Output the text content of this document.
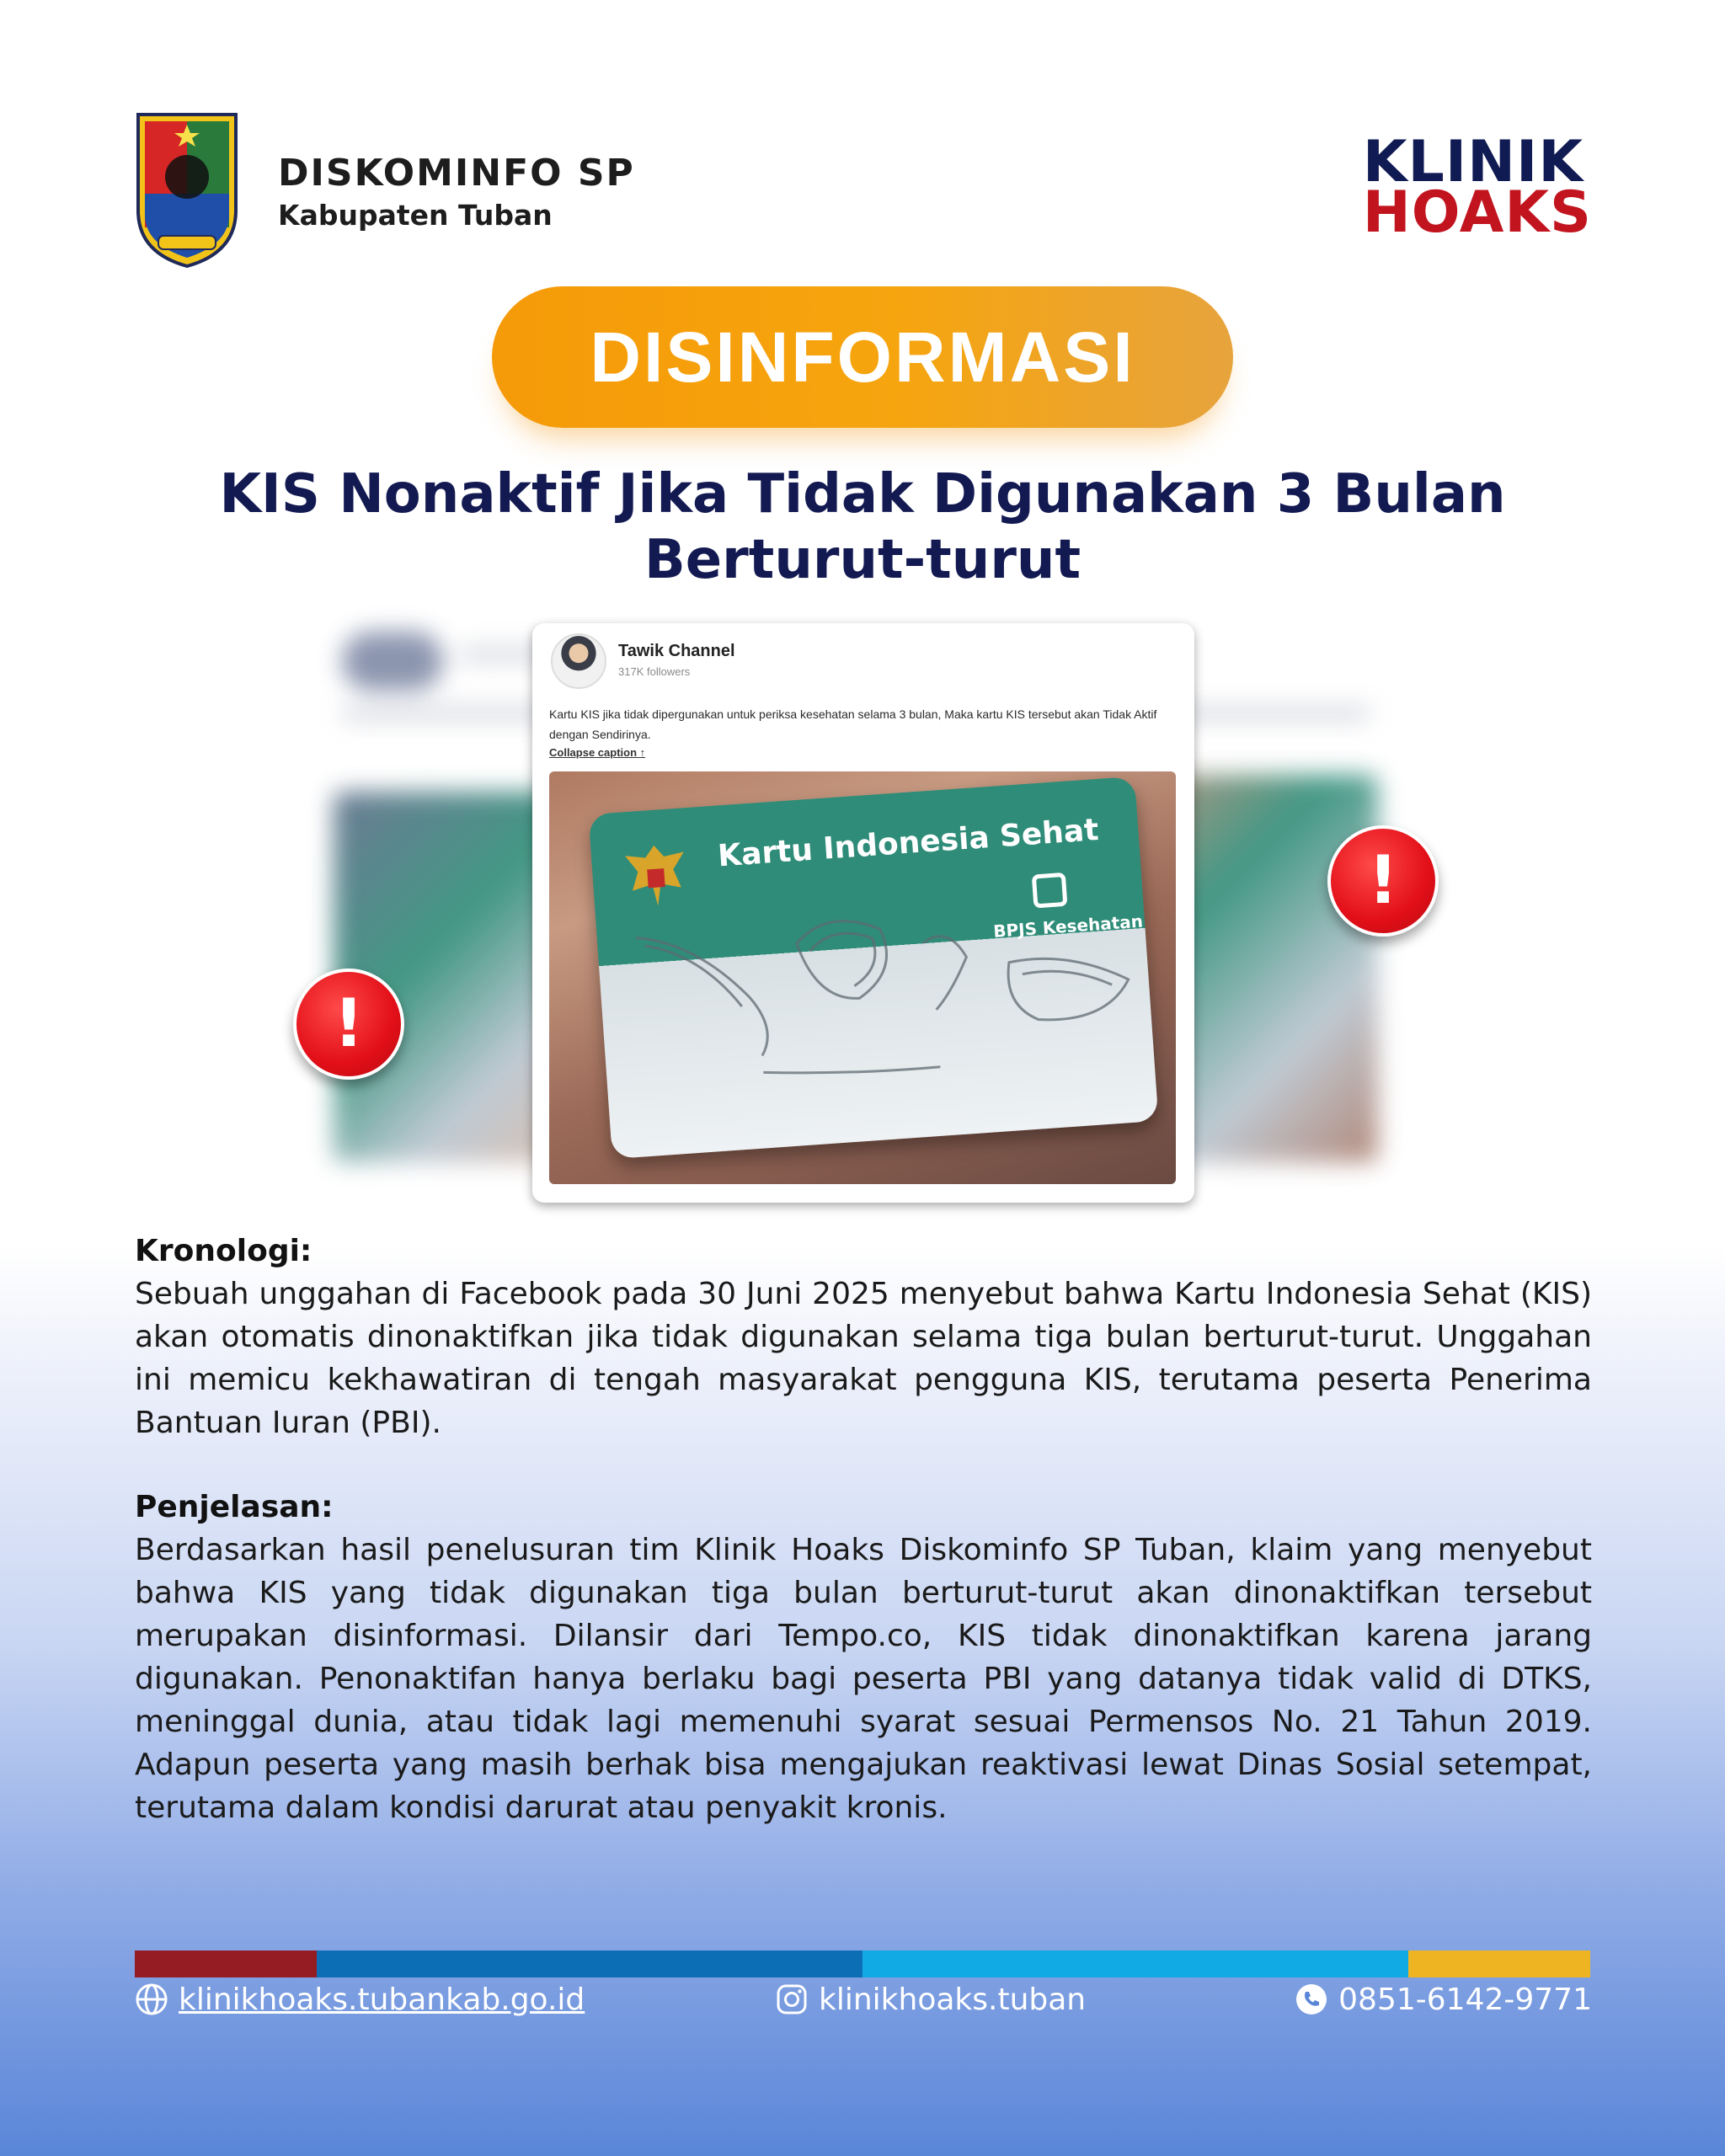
DISKOMINFO SP
Kabupaten Tuban
KLINIK
HOAKS
DISINFORMASI
KIS Nonaktif Jika Tidak Digunakan 3 Bulan
Berturut-turut
Tawik Channel
317K followers
Kartu KIS jika tidak dipergunakan untuk periksa kesehatan selama 3 bulan, Maka kartu KIS tersebut akan Tidak Aktif dengan Sendirinya.
Collapse caption ↑
Kartu Indonesia Sehat
BPJS Kesehatan
!
!
Kronologi:
Sebuah unggahan di Facebook pada 30 Juni 2025 menyebut bahwa Kartu Indonesia Sehat (KIS) akan otomatis dinonaktifkan jika tidak digunakan selama tiga bulan berturut-turut. Unggahan ini memicu kekhawatiran di tengah masyarakat pengguna KIS, terutama peserta Penerima Bantuan Iuran (PBI).
Penjelasan:
Berdasarkan hasil penelusuran tim Klinik Hoaks Diskominfo SP Tuban, klaim yang menyebut bahwa KIS yang tidak digunakan tiga bulan berturut-turut akan dinonaktifkan tersebut merupakan disinformasi. Dilansir dari Tempo.co, KIS tidak dinonaktifkan karena jarang digunakan. Penonaktifan hanya berlaku bagi peserta PBI yang datanya tidak valid di DTKS, meninggal dunia, atau tidak lagi memenuhi syarat sesuai Permensos No. 21 Tahun 2019. Adapun peserta yang masih berhak bisa mengajukan reaktivasi lewat Dinas Sosial setempat, terutama dalam kondisi darurat atau penyakit kronis.
klinikhoaks.tubankab.go.id	klinikhoaks.tuban	0851-6142-9771
